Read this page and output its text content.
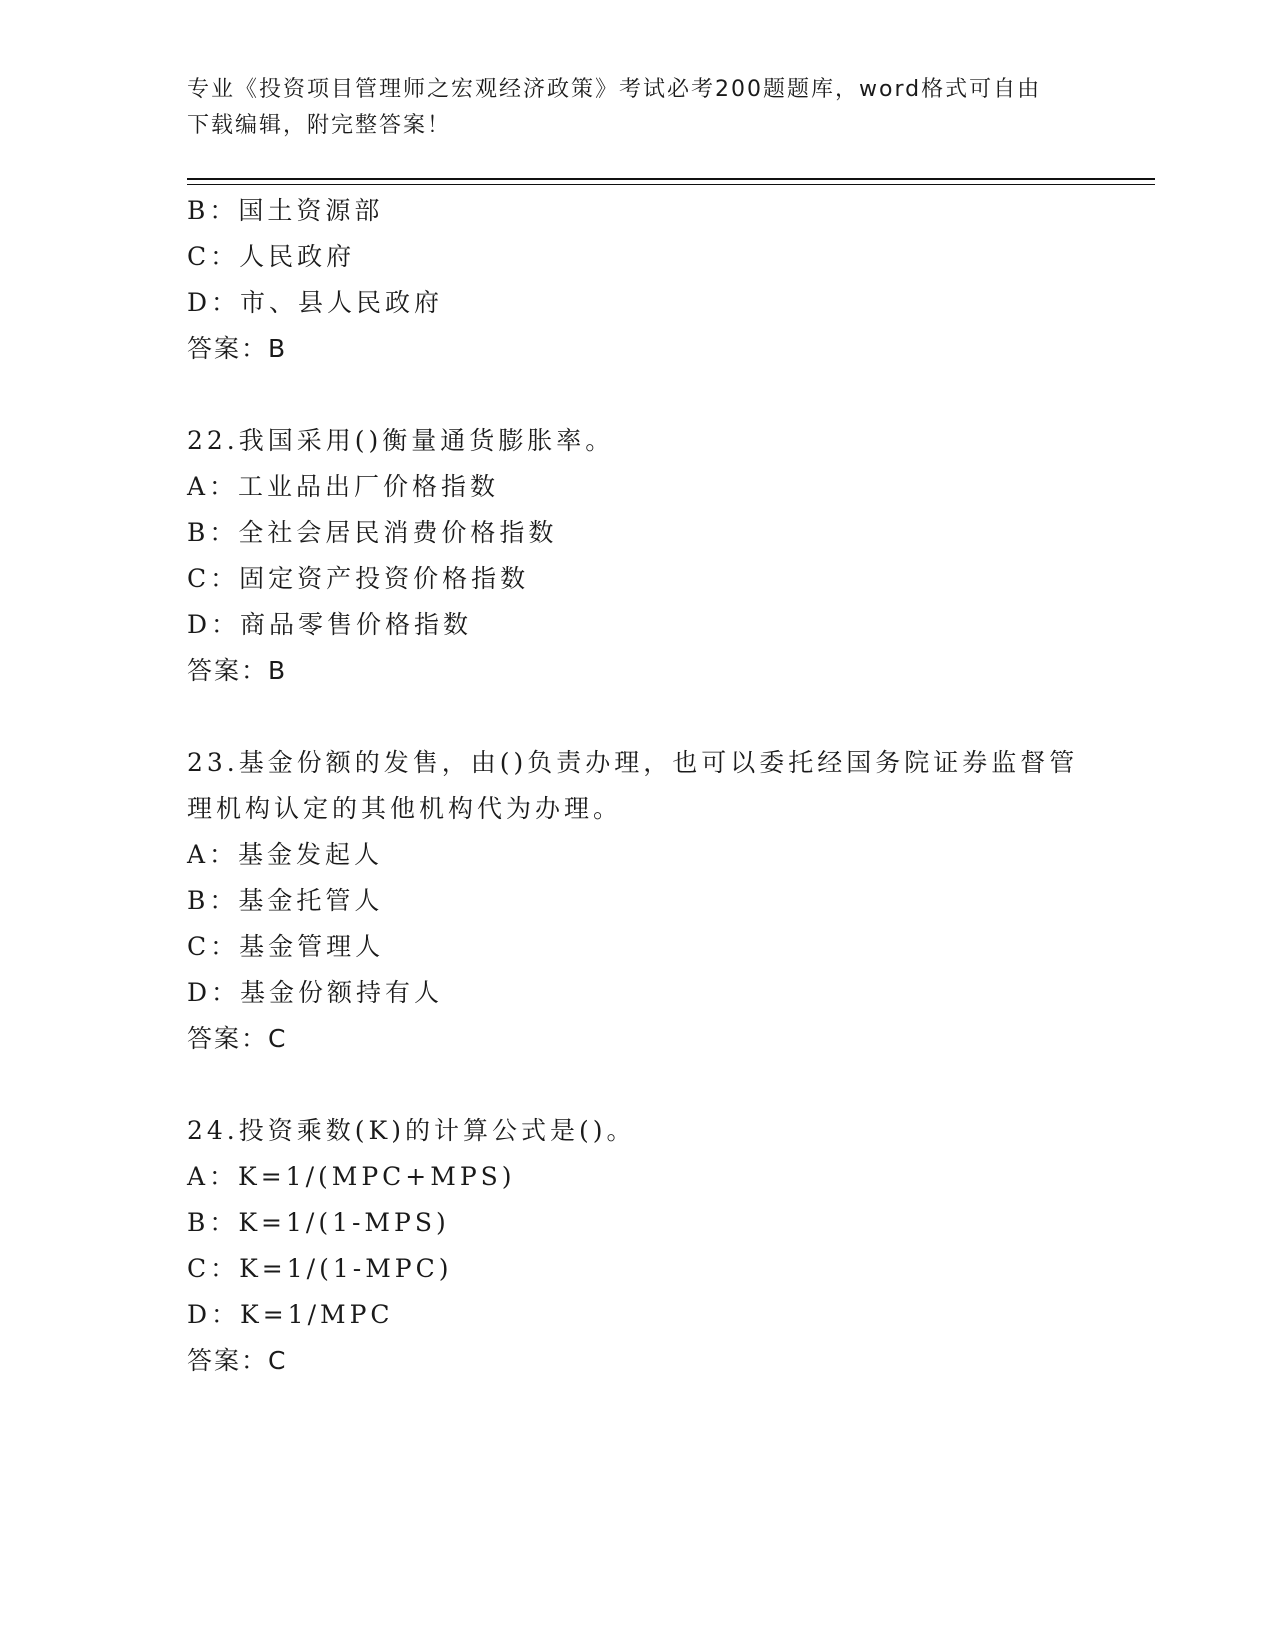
专业《投资项目管理师之宏观经济政策》考试必考200题题库，word格式可自由
下载编辑，附完整答案！
B：国土资源部
C：人民政府
D：市、县人民政府
答案：B
22.我国采用()衡量通货膨胀率。
A：工业品出厂价格指数
B：全社会居民消费价格指数
C：固定资产投资价格指数
D：商品零售价格指数
答案：B
23.基金份额的发售，由()负责办理，也可以委托经国务院证券监督管
理机构认定的其他机构代为办理。
A：基金发起人
B：基金托管人
C：基金管理人
D：基金份额持有人
答案：C
24.投资乘数(K)的计算公式是()。
A：K=1/(MPC+MPS)
B：K=1/(1-MPS)
C：K=1/(1-MPC)
D：K=1/MPC
答案：C
